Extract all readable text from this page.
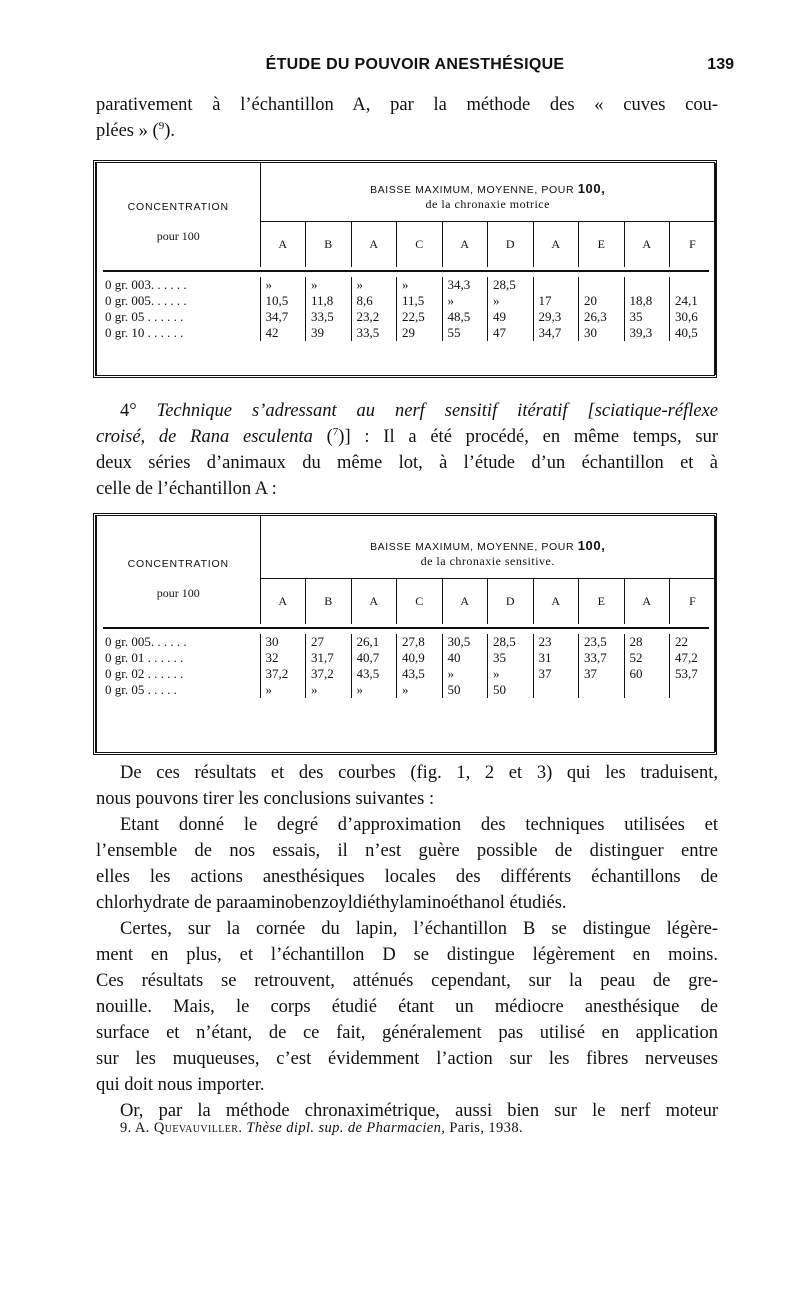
ÉTUDE DU POUVOIR ANESTHÉSIQUE	139
parativement à l’échantillon A, par la méthode des « cuves cou-
plées » ($^9$).
CONCENTRATION
pour 100	BAISSE MAXIMUM, MOYENNE, POUR 100,
de la chronaxie motrice									

	A	B	A	C	A	D	A	E	A	F

0 gr. 003. . . . . .	»	»	»	»	34,3	28,5				
0 gr. 005. . . . . .	10,5	11,8	8,6	11,5	»	»	17	20	18,8	24,1
0 gr. 05 . . . . . .	34,7	33,5	23,2	22,5	48,5	49	29,3	26,3	35	30,6
0 gr. 10 . . . . . .	42	39	33,5	29	55	47	34,7	30	39,3	40,5
4° Technique s’adressant au nerf sensitif itératif [sciatique-réflexe
croisé, de Rana esculenta ($^7$)] : Il a été procédé, en même temps, sur
deux séries d’animaux du même lot, à l’étude d’un échantillon et à
celle de l’échantillon A :
CONCENTRATION
pour 100	BAISSE MAXIMUM, MOYENNE, POUR 100,
de la chronaxie sensitive.									

	A	B	A	C	A	D	A	E	A	F

0 gr. 005. . . . . .	30	27	26,1	27,8	30,5	28,5	23	23,5	28	22
0 gr. 01 . . . . . .	32	31,7	40,7	40,9	40	35	31	33,7	52	47,2
0 gr. 02 . . . . . .	37,2	37,2	43,5	43,5	»	»	37	37	60	53,7
0 gr. 05 . . . . .	»	»	»	»	50	50				
De ces résultats et des courbes (fig. 1, 2 et 3) qui les traduisent,
nous pouvons tirer les conclusions suivantes :
Etant donné le degré d’approximation des techniques utilisées et
l’ensemble de nos essais, il n’est guère possible de distinguer entre
elles les actions anesthésiques locales des différents échantillons de
chlorhydrate de paraaminobenzoyldiéthylaminoéthanol étudiés.
Certes, sur la cornée du lapin, l’échantillon B se distingue légère-
ment en plus, et l’échantillon D se distingue légèrement en moins.
Ces résultats se retrouvent, atténués cependant, sur la peau de gre-
nouille. Mais, le corps étudié étant un médiocre anesthésique de
surface et n’étant, de ce fait, généralement pas utilisé en application
sur les muqueuses, c’est évidemment l’action sur les fibres nerveuses
qui doit nous importer.
Or, par la méthode chronaximétrique, aussi bien sur le nerf moteur
9. A. Quevauviller. Thèse dipl. sup. de Pharmacien, Paris, 1938.
